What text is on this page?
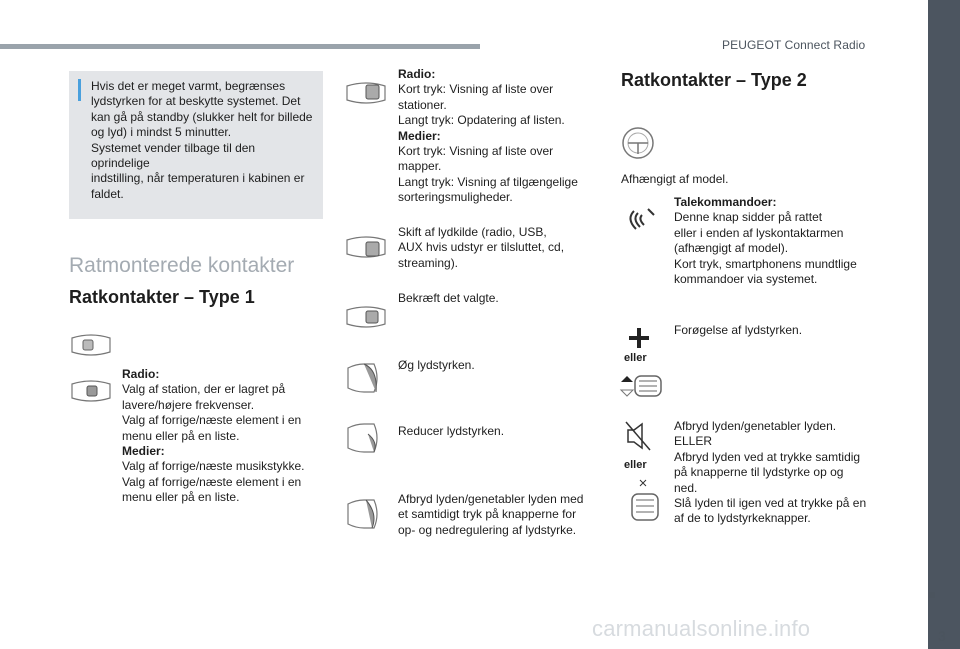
PEUGEOT Connect Radio
Hvis det er meget varmt, begrænses
lydstyrken for at beskytte systemet. Det
kan gå på standby (slukker helt for billede
og lyd) i mindst 5 minutter.
Systemet vender tilbage til den oprindelige
indstilling, når temperaturen i kabinen er
faldet.
Ratmonterede kontakter
Ratkontakter – Type 1
Radio:
Valg af station, der er lagret på
lavere/højere frekvenser.
Valg af forrige/næste element i en
menu eller på en liste.
Medier:
Valg af forrige/næste musikstykke.
Valg af forrige/næste element i en
menu eller på en liste.
Radio:
Kort tryk: Visning af liste over
stationer.
Langt tryk: Opdatering af listen.
Medier:
Kort tryk: Visning af liste over
mapper.
Langt tryk: Visning af tilgængelige
sorteringsmuligheder.
Skift af lydkilde (radio, USB,
AUX hvis udstyr er tilsluttet, cd,
streaming).
Bekræft det valgte.
Øg lydstyrken.
Reducer lydstyrken.
Afbryd lyden/genetabler lyden med
et samtidigt tryk på knapperne for
op- og nedregulering af lydstyrke.
Ratkontakter – Type 2
Afhængigt af model.
Talekommandoer:
Denne knap sidder på rattet
eller i enden af lyskontaktarmen
(afhængigt af model).
Kort tryk, smartphonens mundtlige
kommandoer via systemet.
Forøgelse af lydstyrken.
eller
eller
Afbryd lyden/genetabler lyden.
ELLER
Afbryd lyden ved at trykke samtidig
på knapperne til lydstyrke op og
ned.
Slå lyden til igen ved at trykke på en
af de to lydstyrkeknapper.
3
carmanualsonline.info
